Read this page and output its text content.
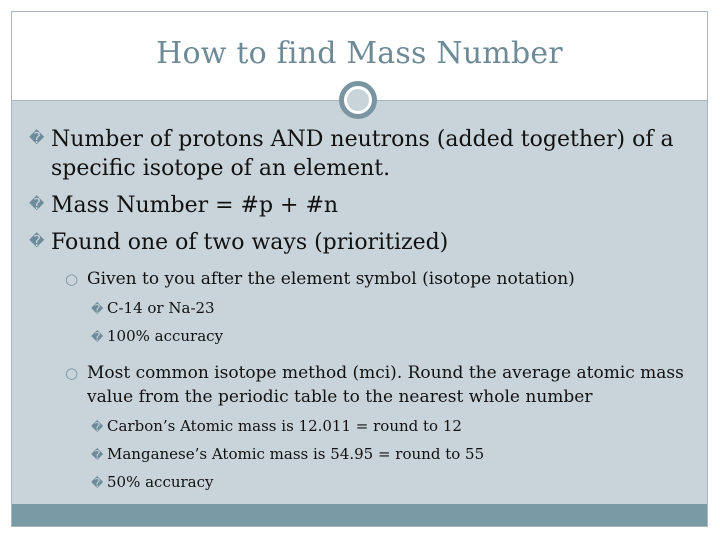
How to find Mass Number
� Number of protons AND neutrons (added together) of a specific isotope of an element.
� Mass Number = #p + #n
� Found one of two ways (prioritized)
○ Given to you after the element symbol (isotope notation)
� C-14 or Na-23
� 100% accuracy
○ Most common isotope method (mci). Round the average atomic mass value from the periodic table to the nearest whole number
� Carbon’s Atomic mass is 12.011 = round to 12
� Manganese’s Atomic mass is 54.95 = round to 55
� 50% accuracy
